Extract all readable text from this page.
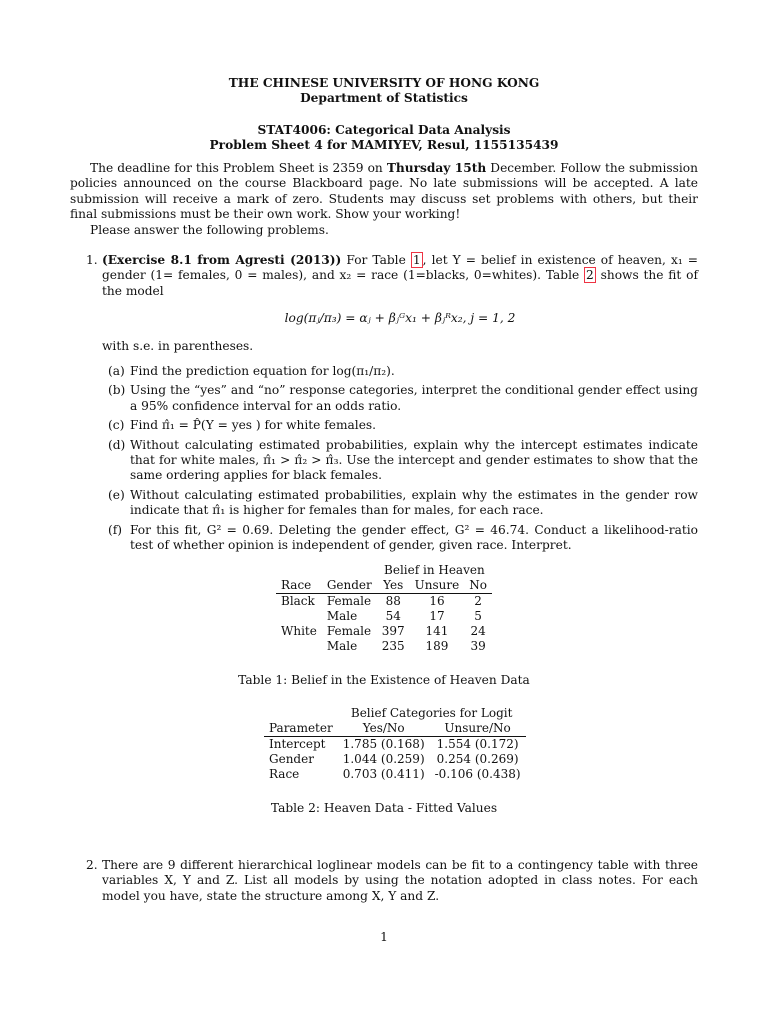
THE CHINESE UNIVERSITY OF HONG KONG
Department of Statistics
STAT4006: Categorical Data Analysis
Problem Sheet 4 for MAMIYEV, Resul, 1155135439

The deadline for this Problem Sheet is 2359 on Thursday 15th December. Follow the submission policies announced on the course Blackboard page. No late submissions will be accepted. A late submission will receive a mark of zero. Students may discuss set problems with others, but their final submissions must be their own work. Show your working!

Please answer the following problems.

1. (Exercise 8.1 from Agresti (2013)) For Table 1 , let Y = belief in existence of heaven, x₁ = gender (1= females, 0 = males), and x₂ = race (1=blacks, 0=whites). Table 2 shows the fit of the model
log(πⱼ/π₃) = αⱼ + βⱼᴳx₁ + βⱼᴿx₂, j = 1, 2
with s.e. in parentheses.
(a) Find the prediction equation for log(π₁/π₂).
(b) Using the “yes” and “no” response categories, interpret the conditional gender effect using a 95% confidence interval for an odds ratio.
(c) Find π̂₁ = P̂(Y = yes ) for white females.
(d) Without calculating estimated probabilities, explain why the intercept estimates indicate that for white males, π̂₁ > π̂₂ > π̂₃. Use the intercept and gender estimates to show that the same ordering applies for black females.
(e) Without calculating estimated probabilities, explain why the estimates in the gender row indicate that π̂₁ is higher for females than for males, for each race.
(f) For this fit, G² = 0.69. Deleting the gender effect, G² = 46.74. Conduct a likelihood-ratio test of whether opinion is independent of gender, given race. Interpret.
		Belief in Heaven		
Race	Gender	Yes	Unsure	No
Black	Female	88	16	2
	Male	54	17	5
White	Female	397	141	24
	Male	235	189	39
Table 1: Belief in the Existence of Heaven Data
	Belief Categories for Logit	
Parameter	Yes/No	Unsure/No
Intercept	1.785 (0.168)	1.554 (0.172)
Gender	1.044 (0.259)	0.254 (0.269)
Race	0.703 (0.411)	-0.106 (0.438)
Table 2: Heaven Data - Fitted Values
2. There are 9 different hierarchical loglinear models can be fit to a contingency table with three variables X, Y and Z. List all models by using the notation adopted in class notes. For each model you have, state the structure among X, Y and Z.
1
